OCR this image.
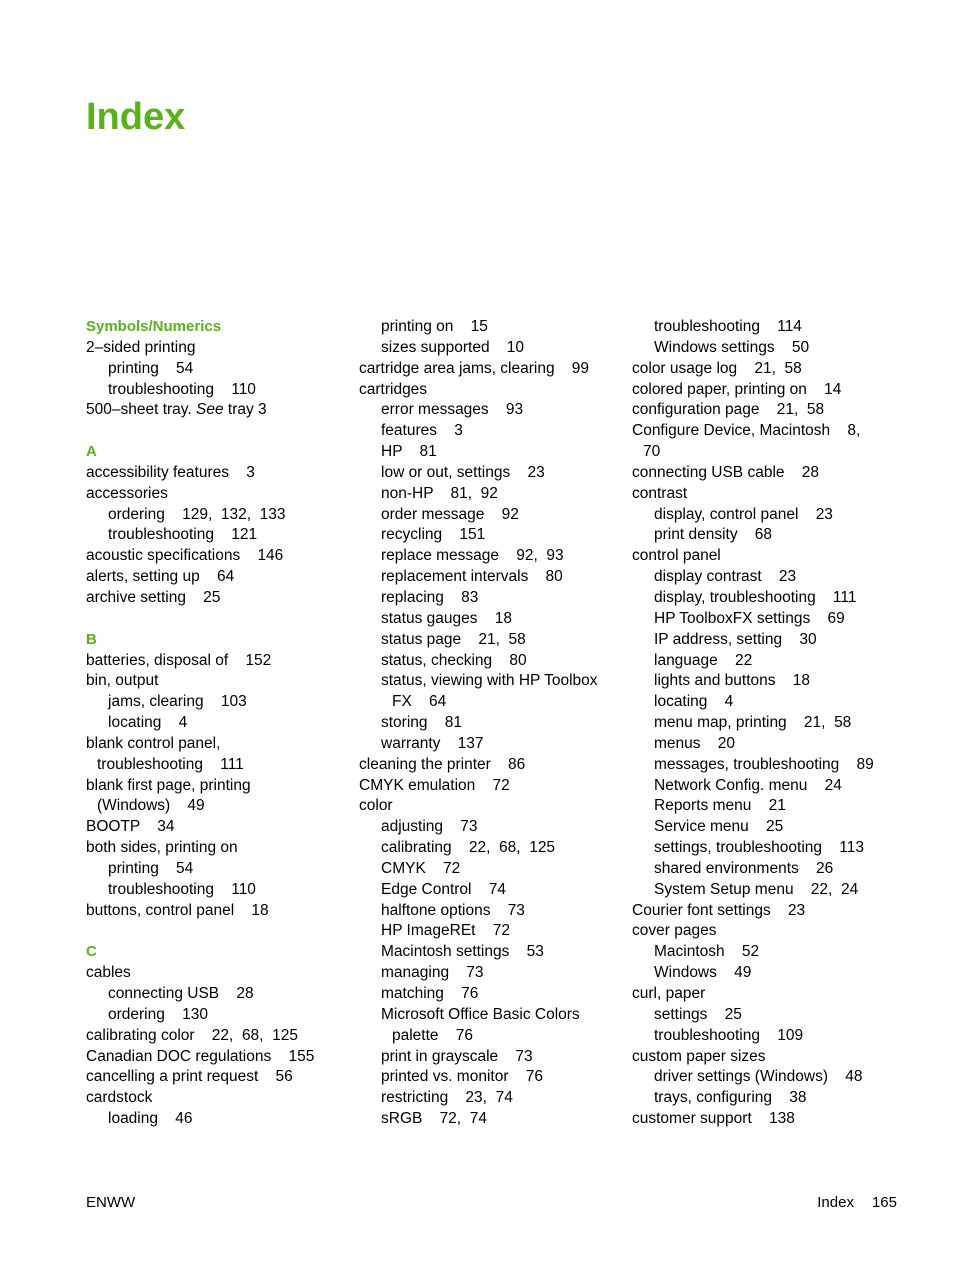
Index
Symbols/Numerics
2–sided printing
printing    54
troubleshooting    110
500–sheet tray. See tray 3
A
accessibility features    3
accessories
ordering    129,  132,  133
troubleshooting    121
acoustic specifications    146
alerts, setting up    64
archive setting    25
B
batteries, disposal of    152
bin, output
jams, clearing    103
locating    4
blank control panel,
troubleshooting    111
blank first page, printing
(Windows)    49
BOOTP    34
both sides, printing on
printing    54
troubleshooting    110
buttons, control panel    18
C
cables
connecting USB    28
ordering    130
calibrating color    22,  68,  125
Canadian DOC regulations    155
cancelling a print request    56
cardstock
loading    46
printing on    15
sizes supported    10
cartridge area jams, clearing    99
cartridges
error messages    93
features    3
HP    81
low or out, settings    23
non-HP    81,  92
order message    92
recycling    151
replace message    92,  93
replacement intervals    80
replacing    83
status gauges    18
status page    21,  58
status, checking    80
status, viewing with HP Toolbox
FX    64
storing    81
warranty    137
cleaning the printer    86
CMYK emulation    72
color
adjusting    73
calibrating    22,  68,  125
CMYK    72
Edge Control    74
halftone options    73
HP ImageREt    72
Macintosh settings    53
managing    73
matching    76
Microsoft Office Basic Colors
palette    76
print in grayscale    73
printed vs. monitor    76
restricting    23,  74
sRGB    72,  74
troubleshooting    114
Windows settings    50
color usage log    21,  58
colored paper, printing on    14
configuration page    21,  58
Configure Device, Macintosh    8,
70
connecting USB cable    28
contrast
display, control panel    23
print density    68
control panel
display contrast    23
display, troubleshooting    111
HP ToolboxFX settings    69
IP address, setting    30
language    22
lights and buttons    18
locating    4
menu map, printing    21,  58
menus    20
messages, troubleshooting    89
Network Config. menu    24
Reports menu    21
Service menu    25
settings, troubleshooting    113
shared environments    26
System Setup menu    22,  24
Courier font settings    23
cover pages
Macintosh    52
Windows    49
curl, paper
settings    25
troubleshooting    109
custom paper sizes
driver settings (Windows)    48
trays, configuring    38
customer support    138
ENWW	Index 165
